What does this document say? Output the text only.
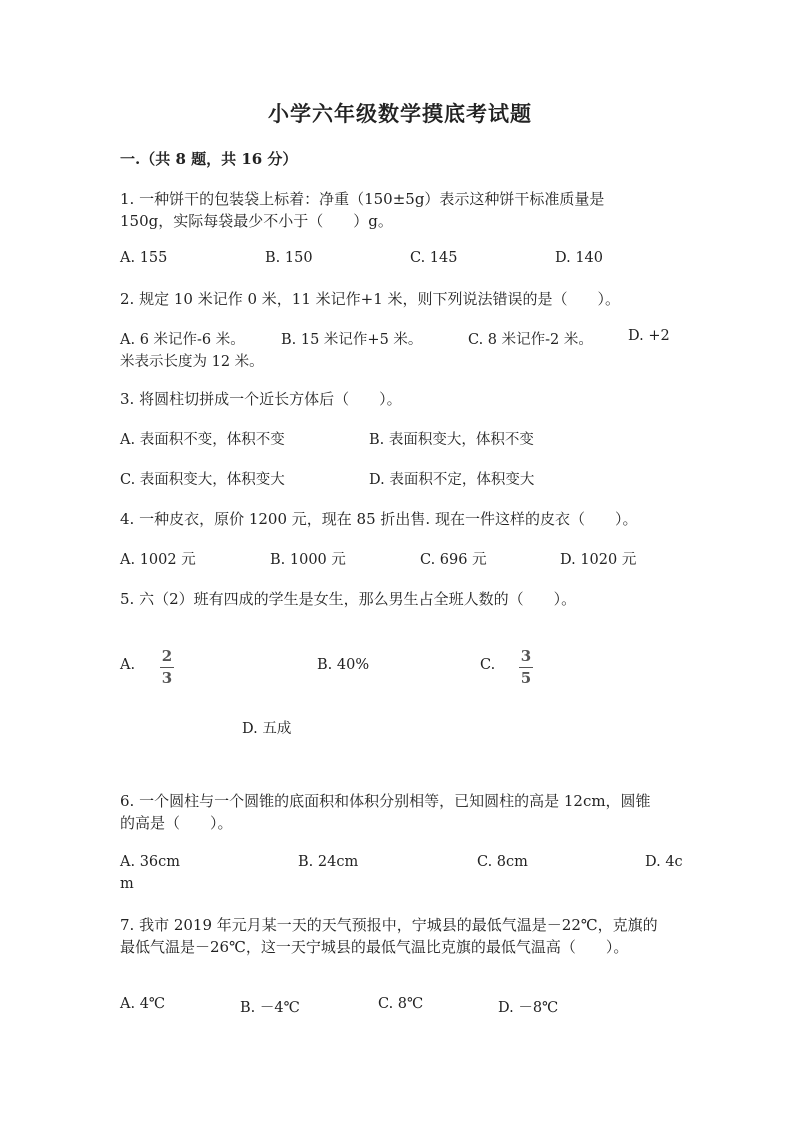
小学六年级数学摸底考试题
一.（共 8 题，共 16 分）
1. 一种饼干的包装袋上标着：净重（150±5g）表示这种饼干标准质量是
150g，实际每袋最少不小于（　　）g。
A. 155	B. 150	C. 145	D. 140
2. 规定 10 米记作 0 米，11 米记作+1 米，则下列说法错误的是（　　）。
A. 6 米记作-6 米。 B. 15 米记作+5 米。	C. 8 米记作-2 米。 D. +2
米表示长度为 12 米。
3. 将圆柱切拼成一个近长方体后（　　）。
A. 表面积不变，体积不变	B. 表面积变大，体积不变
C. 表面积变大，体积变大	D. 表面积不定，体积变大
4. 一种皮衣，原价 1200 元，现在 85 折出售. 现在一件这样的皮衣（　　）。
A. 1002 元	B. 1000 元	C. 696 元	D. 1020 元
5. 六（2）班有四成的学生是女生，那么男生占全班人数的（　　）。
A. 2
3
B. 40%	C. 3
5
D. 五成
6. 一个圆柱与一个圆锥的底面积和体积分别相等，已知圆柱的高是 12cm，圆锥
的高是（　　）。
A. 36cm	B. 24cm	C. 8cm	D. 4c
m
7. 我市 2019 年元月某一天的天气预报中，宁城县的最低气温是－22℃，克旗的
最低气温是－26℃，这一天宁城县的最低气温比克旗的最低气温高（　　）。
A. 4℃	B. －4℃	C. 8℃	D. －8℃
